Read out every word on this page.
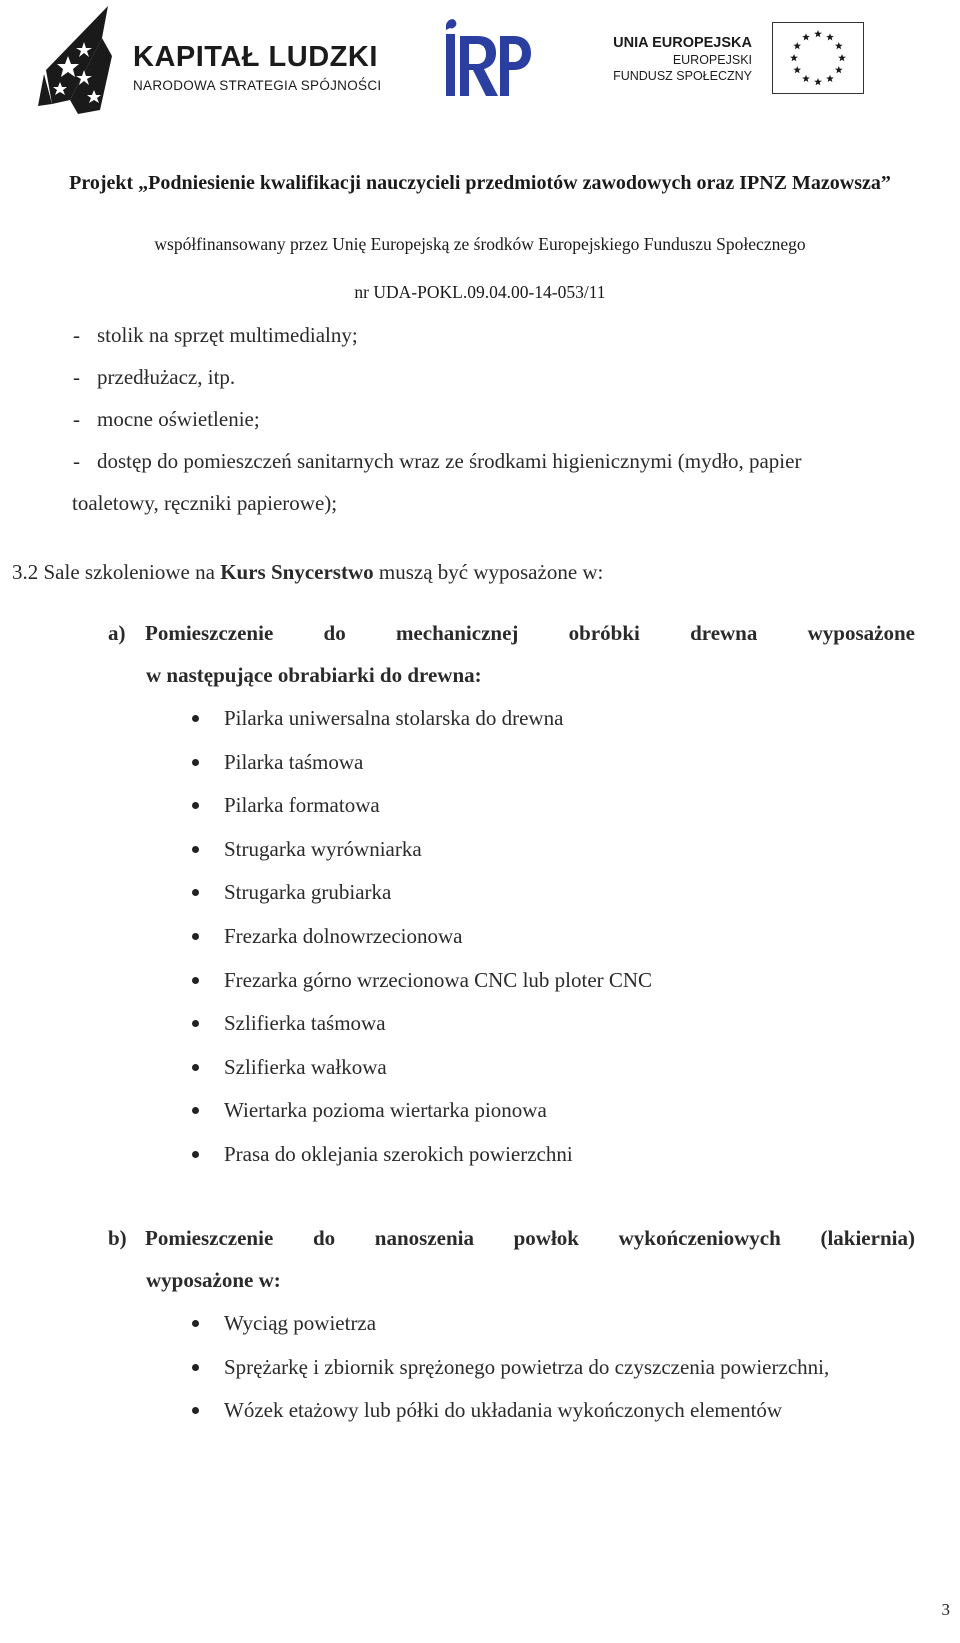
KAPITAŁ LUDZKI
NARODOWA STRATEGIA SPÓJNOŚCI
UNIA EUROPEJSKA
EUROPEJSKI
FUNDUSZ SPOŁECZNY
Projekt „Podniesienie kwalifikacji nauczycieli przedmiotów zawodowych oraz IPNZ Mazowsza”
współfinansowany przez Unię Europejską ze środków Europejskiego Funduszu Społecznego
nr UDA-POKL.09.04.00-14-053/11
- stolik na sprzęt multimedialny;
- przedłużacz, itp.
- mocne oświetlenie;
- dostęp do pomieszczeń sanitarnych wraz ze środkami higienicznymi (mydło, papier
toaletowy, ręczniki papierowe);
3.2 Sale szkoleniowe na Kurs Snycerstwo muszą być wyposażone w:
a) Pomieszczenie do mechanicznej obróbki drewna wyposażone
w następujące obrabiarki do drewna:
Pilarka uniwersalna stolarska do drewna
Pilarka taśmowa
Pilarka formatowa
Strugarka wyrówniarka
Strugarka grubiarka
Frezarka dolnowrzecionowa
Frezarka górno wrzecionowa CNC lub ploter CNC
Szlifierka taśmowa
Szlifierka wałkowa
Wiertarka pozioma wiertarka pionowa
Prasa do oklejania szerokich powierzchni
b) Pomieszczenie do nanoszenia powłok wykończeniowych (lakiernia)
wyposażone w:
Wyciąg powietrza
Sprężarkę i zbiornik sprężonego powietrza do czyszczenia powierzchni,
Wózek etażowy lub półki do układania wykończonych elementów
3
